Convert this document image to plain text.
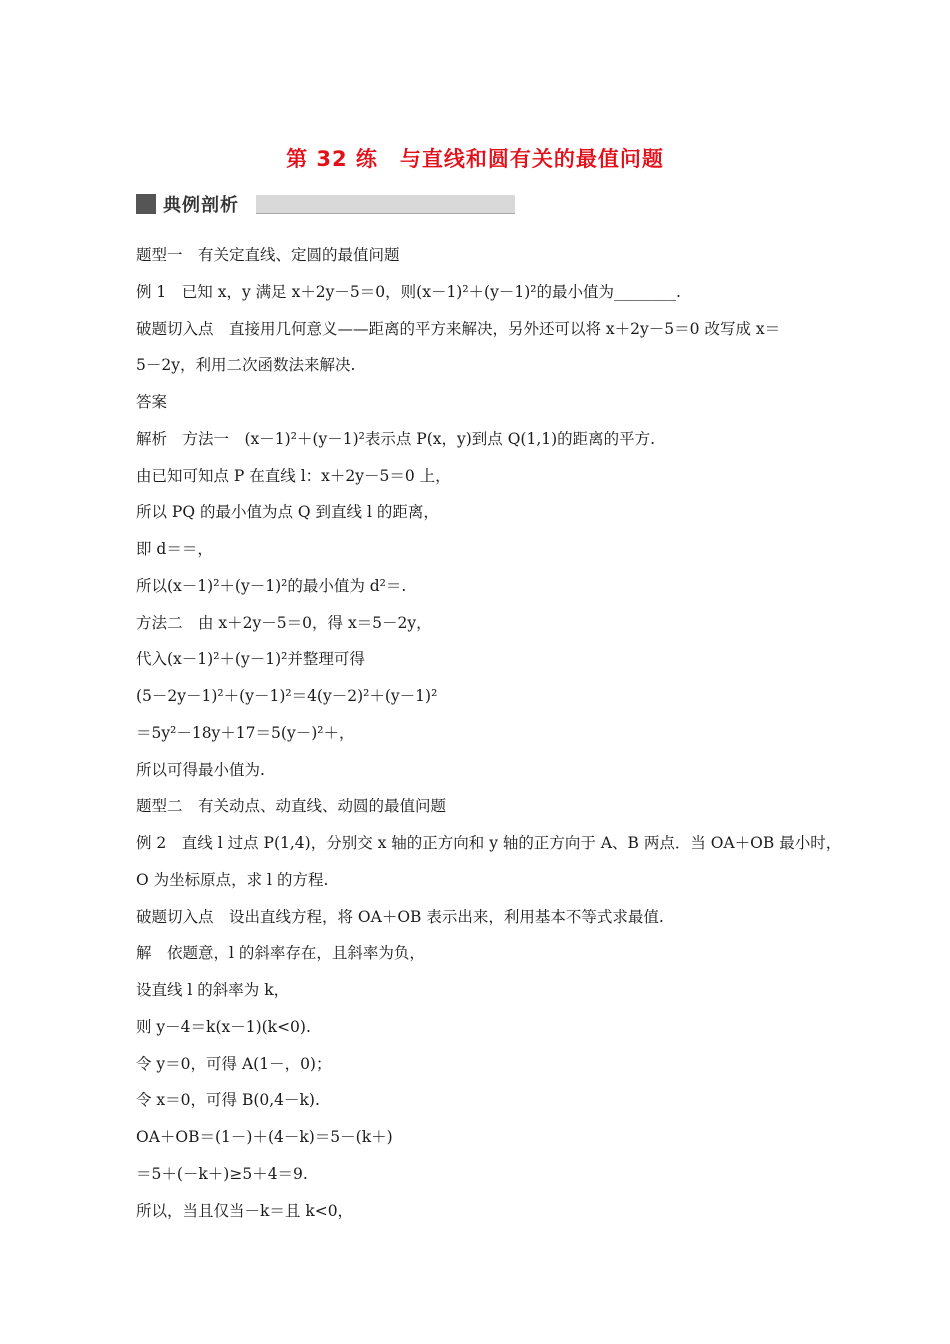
第 32 练　与直线和圆有关的最值问题
典例剖析
题型一　有关定直线、定圆的最值问题
例 1　已知 x，y 满足 x＋2y－5＝0，则(x－1)²＋(y－1)²的最小值为________.
破题切入点　直接用几何意义——距离的平方来解决，另外还可以将 x＋2y－5＝0 改写成 x＝
5－2y，利用二次函数法来解决.
答案
解析　方法一　(x－1)²＋(y－1)²表示点 P(x，y)到点 Q(1,1)的距离的平方.
由已知可知点 P 在直线 l：x＋2y－5＝0 上，
所以 PQ 的最小值为点 Q 到直线 l 的距离，
即 d＝＝，
所以(x－1)²＋(y－1)²的最小值为 d²＝.
方法二　由 x＋2y－5＝0，得 x＝5－2y，
代入(x－1)²＋(y－1)²并整理可得
(5－2y－1)²＋(y－1)²＝4(y－2)²＋(y－1)²
＝5y²－18y＋17＝5(y－)²＋，
所以可得最小值为.
题型二　有关动点、动直线、动圆的最值问题
例 2　直线 l 过点 P(1,4)，分别交 x 轴的正方向和 y 轴的正方向于 A、B 两点．当 OA＋OB 最小时，
O 为坐标原点，求 l 的方程.
破题切入点　设出直线方程，将 OA＋OB 表示出来，利用基本不等式求最值.
解　依题意，l 的斜率存在，且斜率为负，
设直线 l 的斜率为 k，
则 y－4＝k(x－1)(k<0).
令 y＝0，可得 A(1－，0)；
令 x＝0，可得 B(0,4－k).
OA＋OB＝(1－)＋(4－k)＝5－(k＋)
＝5＋(－k＋)≥5＋4＝9.
所以，当且仅当－k＝且 k<0，
